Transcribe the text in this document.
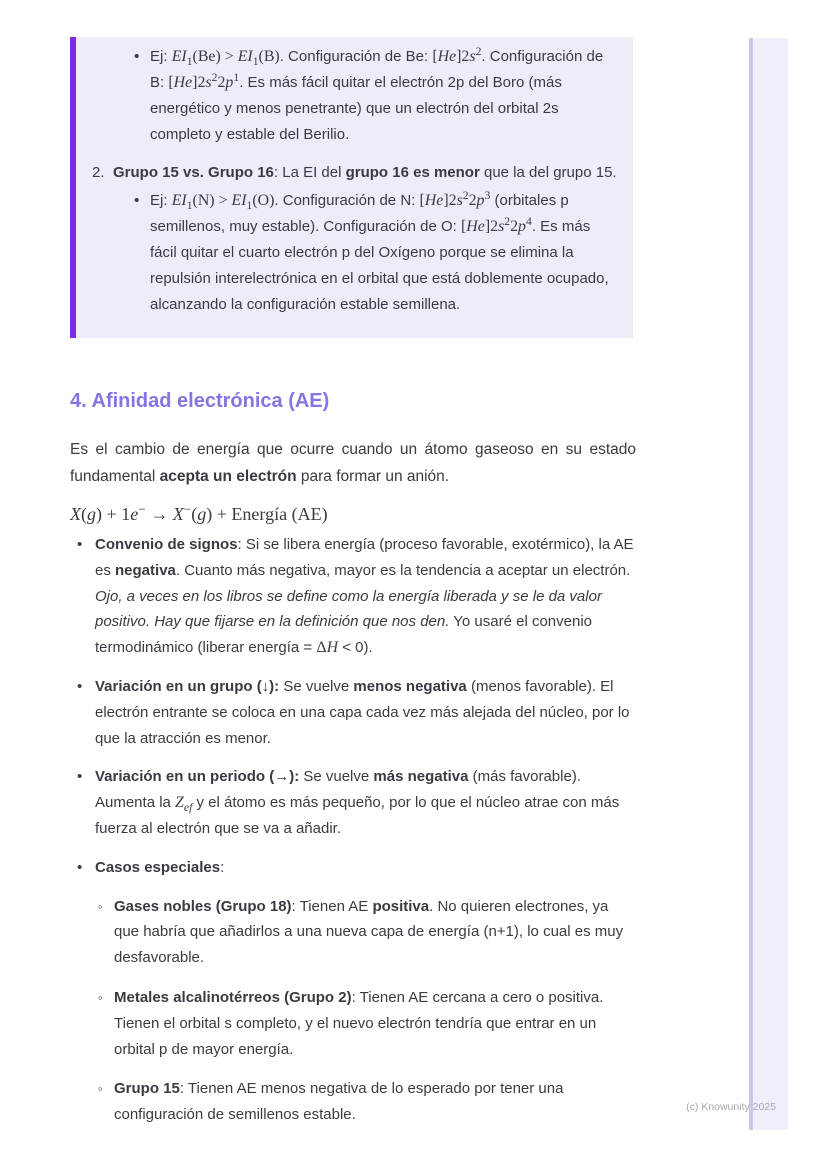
• Ej: $EI_1(Be) > EI_1(B)$. Configuración de Be: $[He]2s^2$. Configuración de B: $[He]2s^22p^1$. Es más fácil quitar el electrón 2p del Boro (más energético y menos penetrante) que un electrón del orbital 2s completo y estable del Berilio.
2. Grupo 15 vs. Grupo 16: La EI del grupo 16 es menor que la del grupo 15.
• Ej: $EI_1(N) > EI_1(O)$. Configuración de N: $[He]2s^22p^3$ (orbitales p semillenos, muy estable). Configuración de O: $[He]2s^22p^4$. Es más fácil quitar el cuarto electrón p del Oxígeno porque se elimina la repulsión interelectrónica en el orbital que está doblemente ocupado, alcanzando la configuración estable semillena.
4. Afinidad electrónica (AE)

Es el cambio de energía que ocurre cuando un átomo gaseoso en su estado fundamental acepta un electrón para formar un anión.

X(g) + 1e− → X−(g) + Energía (AE)
• Convenio de signos: Si se libera energía (proceso favorable, exotérmico), la AE es negativa. Cuanto más negativa, mayor es la tendencia a aceptar un electrón. Ojo, a veces en los libros se define como la energía liberada y se le da valor positivo. Hay que fijarse en la definición que nos den. Yo usaré el convenio termodinámico (liberar energía = ΔH < 0).
• Variación en un grupo (↓): Se vuelve menos negativa (menos favorable). El electrón entrante se coloca en una capa cada vez más alejada del núcleo, por lo que la atracción es menor.
• Variación en un periodo (→): Se vuelve más negativa (más favorable). Aumenta la $Z_{ef}$ y el átomo es más pequeño, por lo que el núcleo atrae con más fuerza al electrón que se va a añadir.
• Casos especiales:
◦ Gases nobles (Grupo 18): Tienen AE positiva. No quieren electrones, ya que habría que añadirlos a una nueva capa de energía (n+1), lo cual es muy desfavorable.
◦ Metales alcalinotérreos (Grupo 2): Tienen AE cercana a cero o positiva. Tienen el orbital s completo, y el nuevo electrón tendría que entrar en un orbital p de mayor energía.
◦ Grupo 15: Tienen AE menos negativa de lo esperado por tener una configuración de semillenos estable.	(c) Knowunity 2025
